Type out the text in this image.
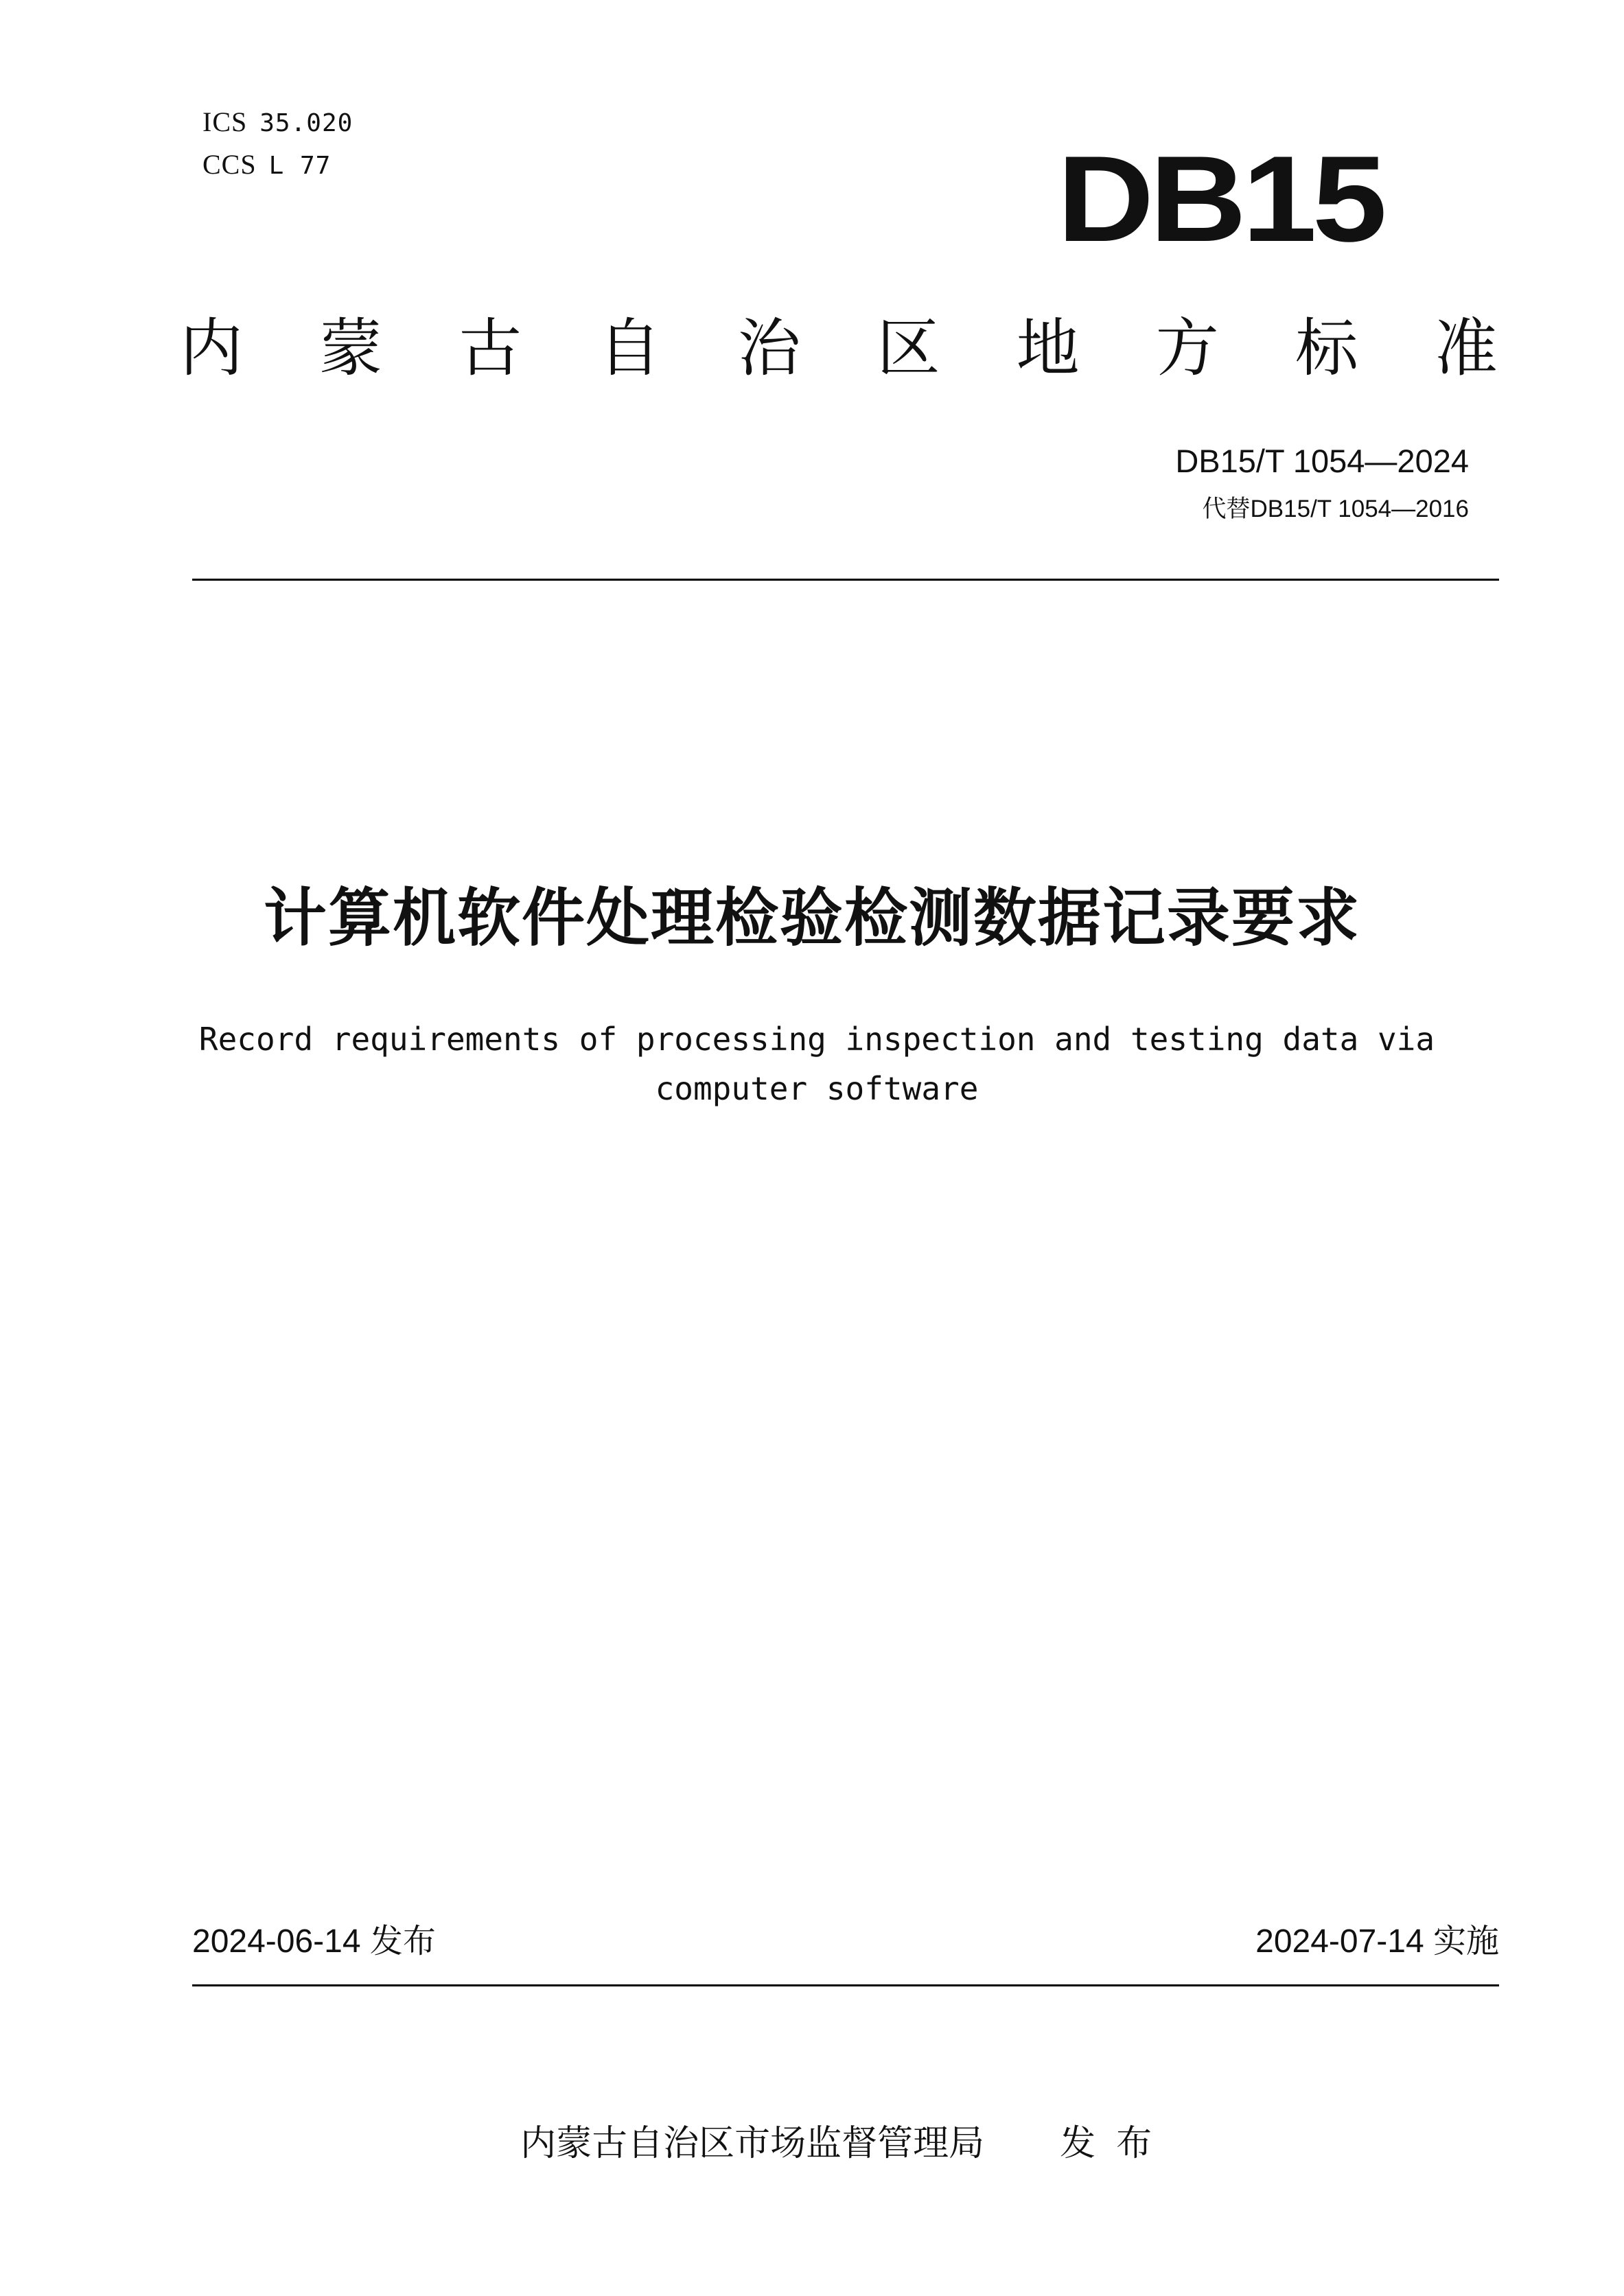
ICS 35.020

CCS L 77	DB15
内 蒙 古 自 治 区 地 方 标 准
DB15/T 1054—2024
代替DB15/T 1054—2016
计算机软件处理检验检测数据记录要求
Record requirements of processing inspection and testing data via
computer software
2024-06-14 发布	2024-07-14 实施

内蒙古自治区市场监督管理局 发布
